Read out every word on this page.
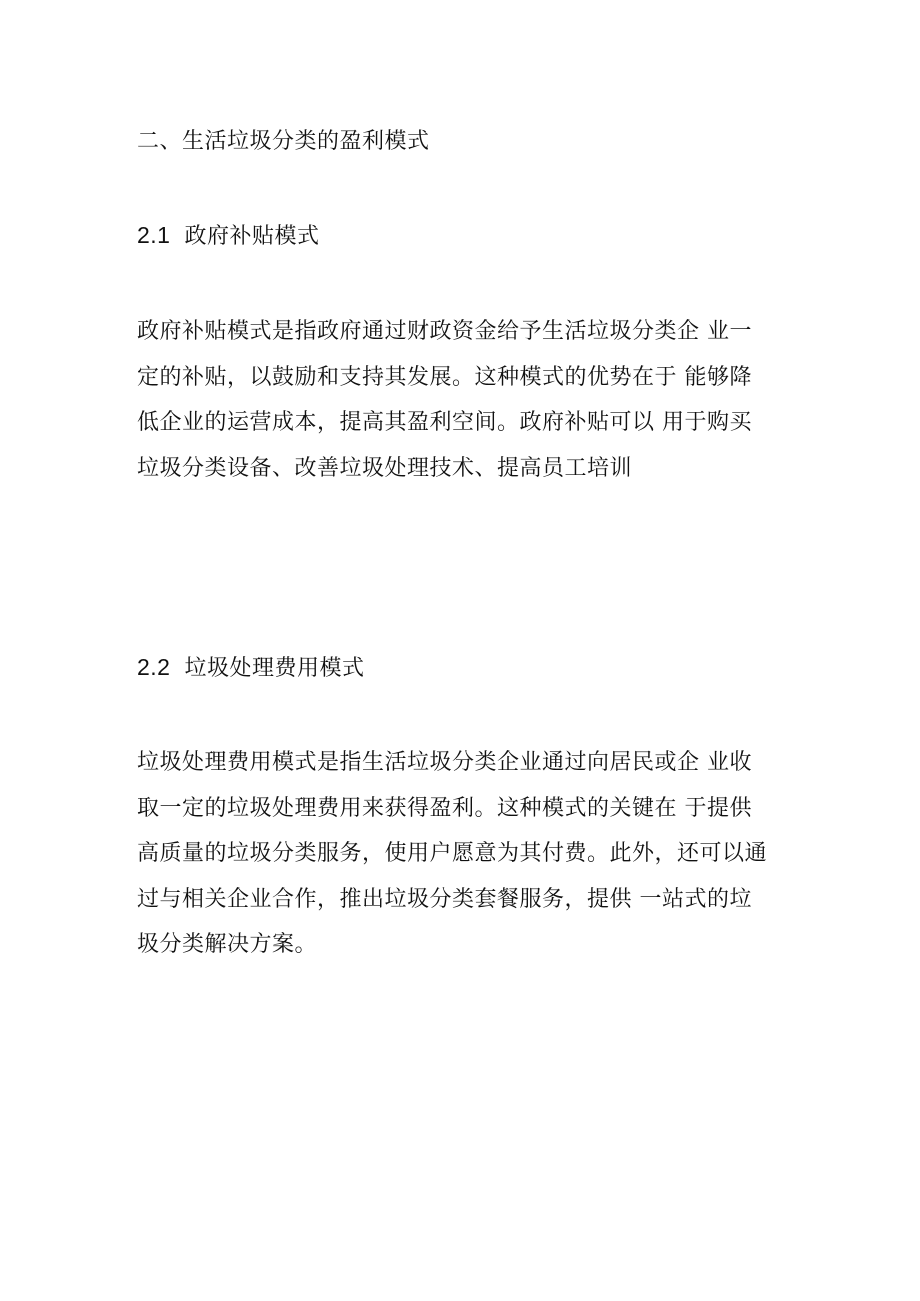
二、生活垃圾分类的盈利模式
2.1 政府补贴模式
政府补贴模式是指政府通过财政资金给予生活垃圾分类企 业一
定的补贴，以鼓励和支持其发展。这种模式的优势在于 能够降
低企业的运营成本，提高其盈利空间。政府补贴可以 用于购买
垃圾分类设备、改善垃圾处理技术、提高员工培训
2.2 垃圾处理费用模式
垃圾处理费用模式是指生活垃圾分类企业通过向居民或企 业收
取一定的垃圾处理费用来获得盈利。这种模式的关键在 于提供
高质量的垃圾分类服务，使用户愿意为其付费。此外，还可以通
过与相关企业合作，推出垃圾分类套餐服务，提供 一站式的垃
圾分类解决方案。
